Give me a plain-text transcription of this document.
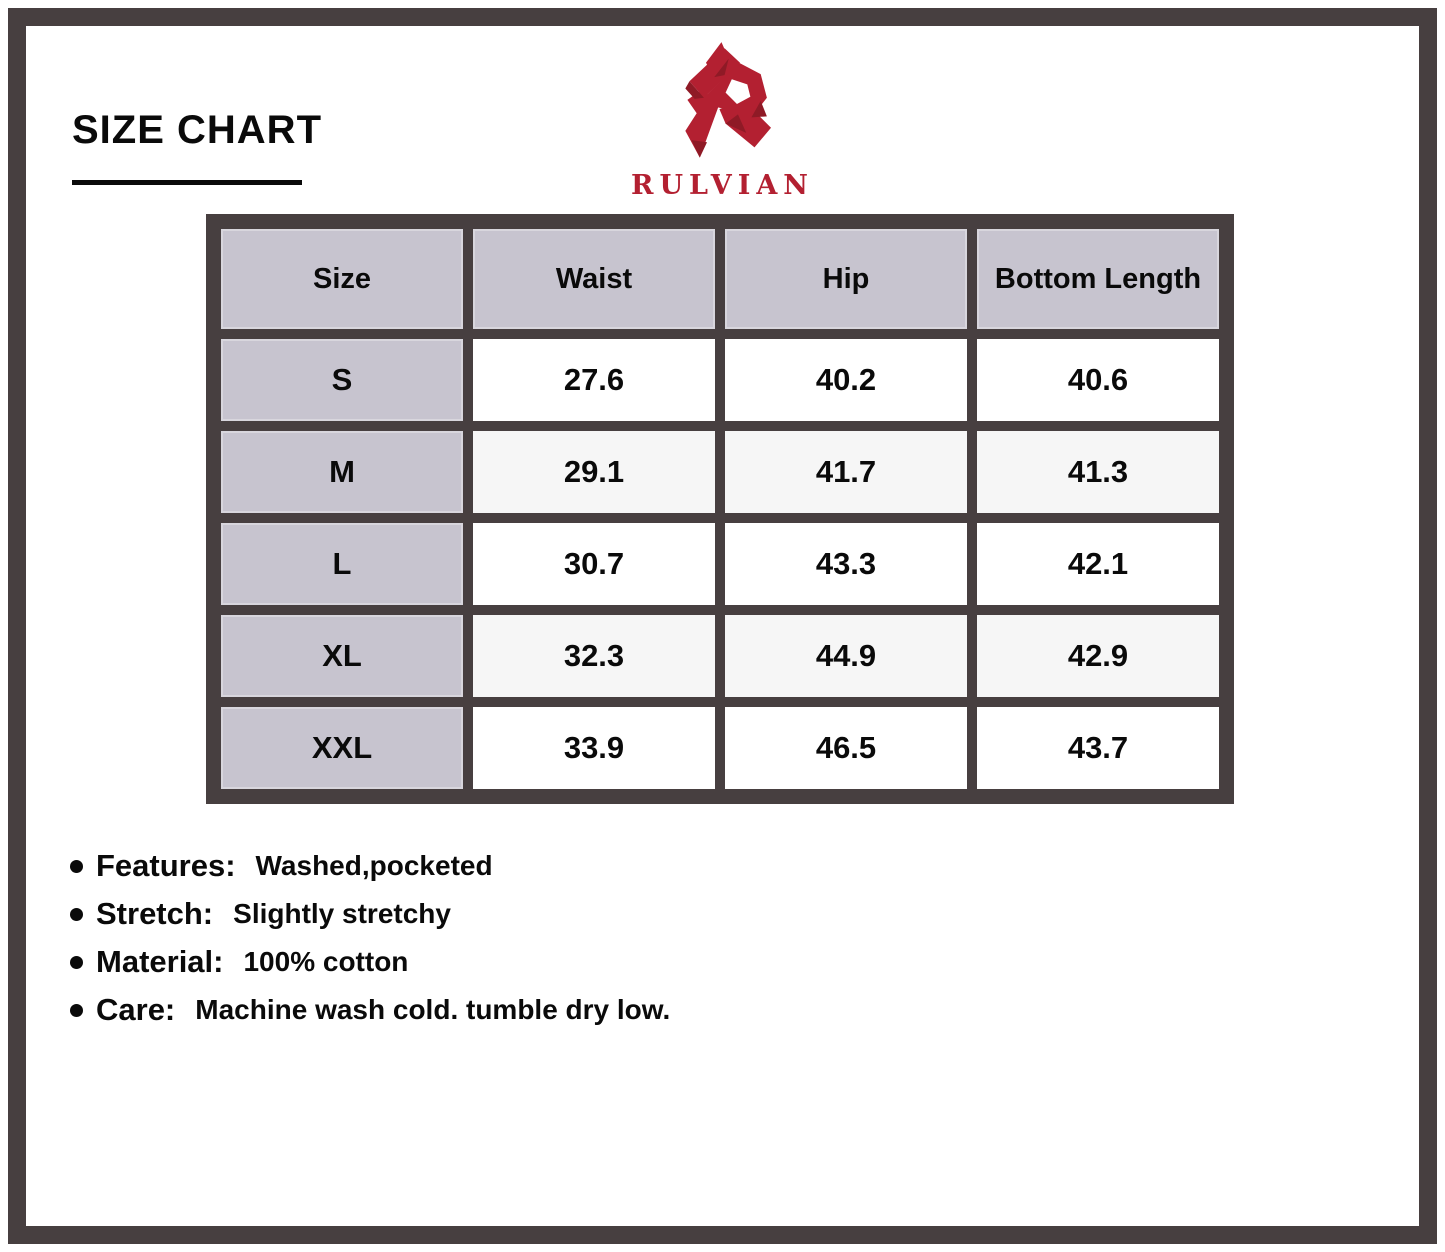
SIZE CHART
RULVIAN
Size	Waist	Hip	Bottom Length
S	27.6	40.2	40.6
M	29.1	41.7	41.3
L	30.7	43.3	42.1
XL	32.3	44.9	42.9
XXL	33.9	46.5	43.7
Features: Washed,pocketed
Stretch: Slightly stretchy
Material: 100% cotton
Care: Machine wash cold. tumble dry low.
